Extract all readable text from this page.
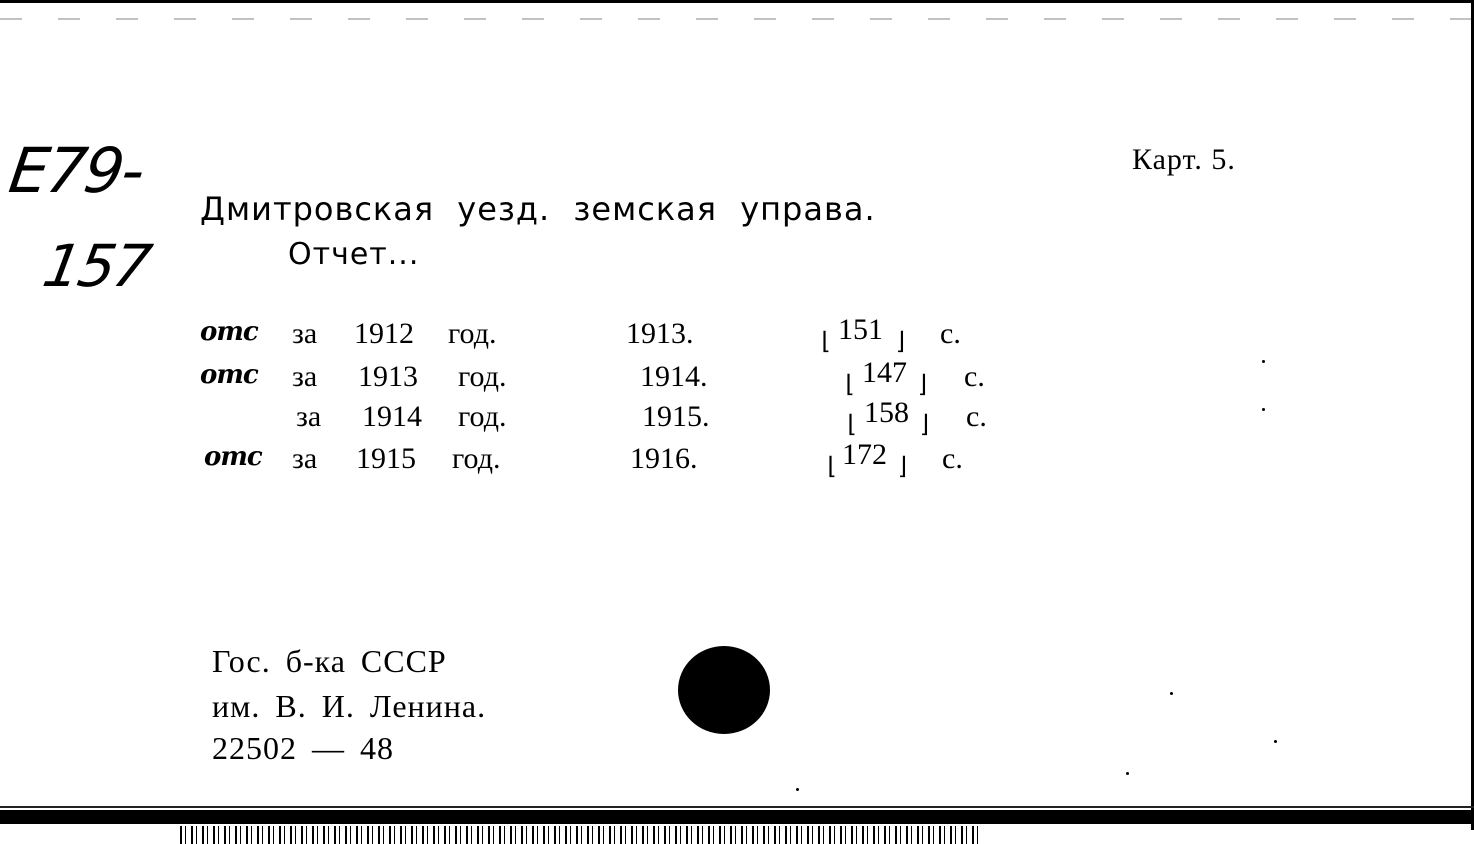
E79-
157
Карт. 5.
Дмитровская уезд. земская управа.
Отчет...
отс за 1912 год.	1913.	⌊ 151 ⌋ с.
отс за 1913 год.	1914.	⌊ 147 ⌋ с.
за 1914 год.	1915.	⌊ 158 ⌋ с.
отс за 1915 год.	1916.	⌊ 172 ⌋ с.
Гос. б-ка СССР
им. В. И. Ленина.
22502 — 48
